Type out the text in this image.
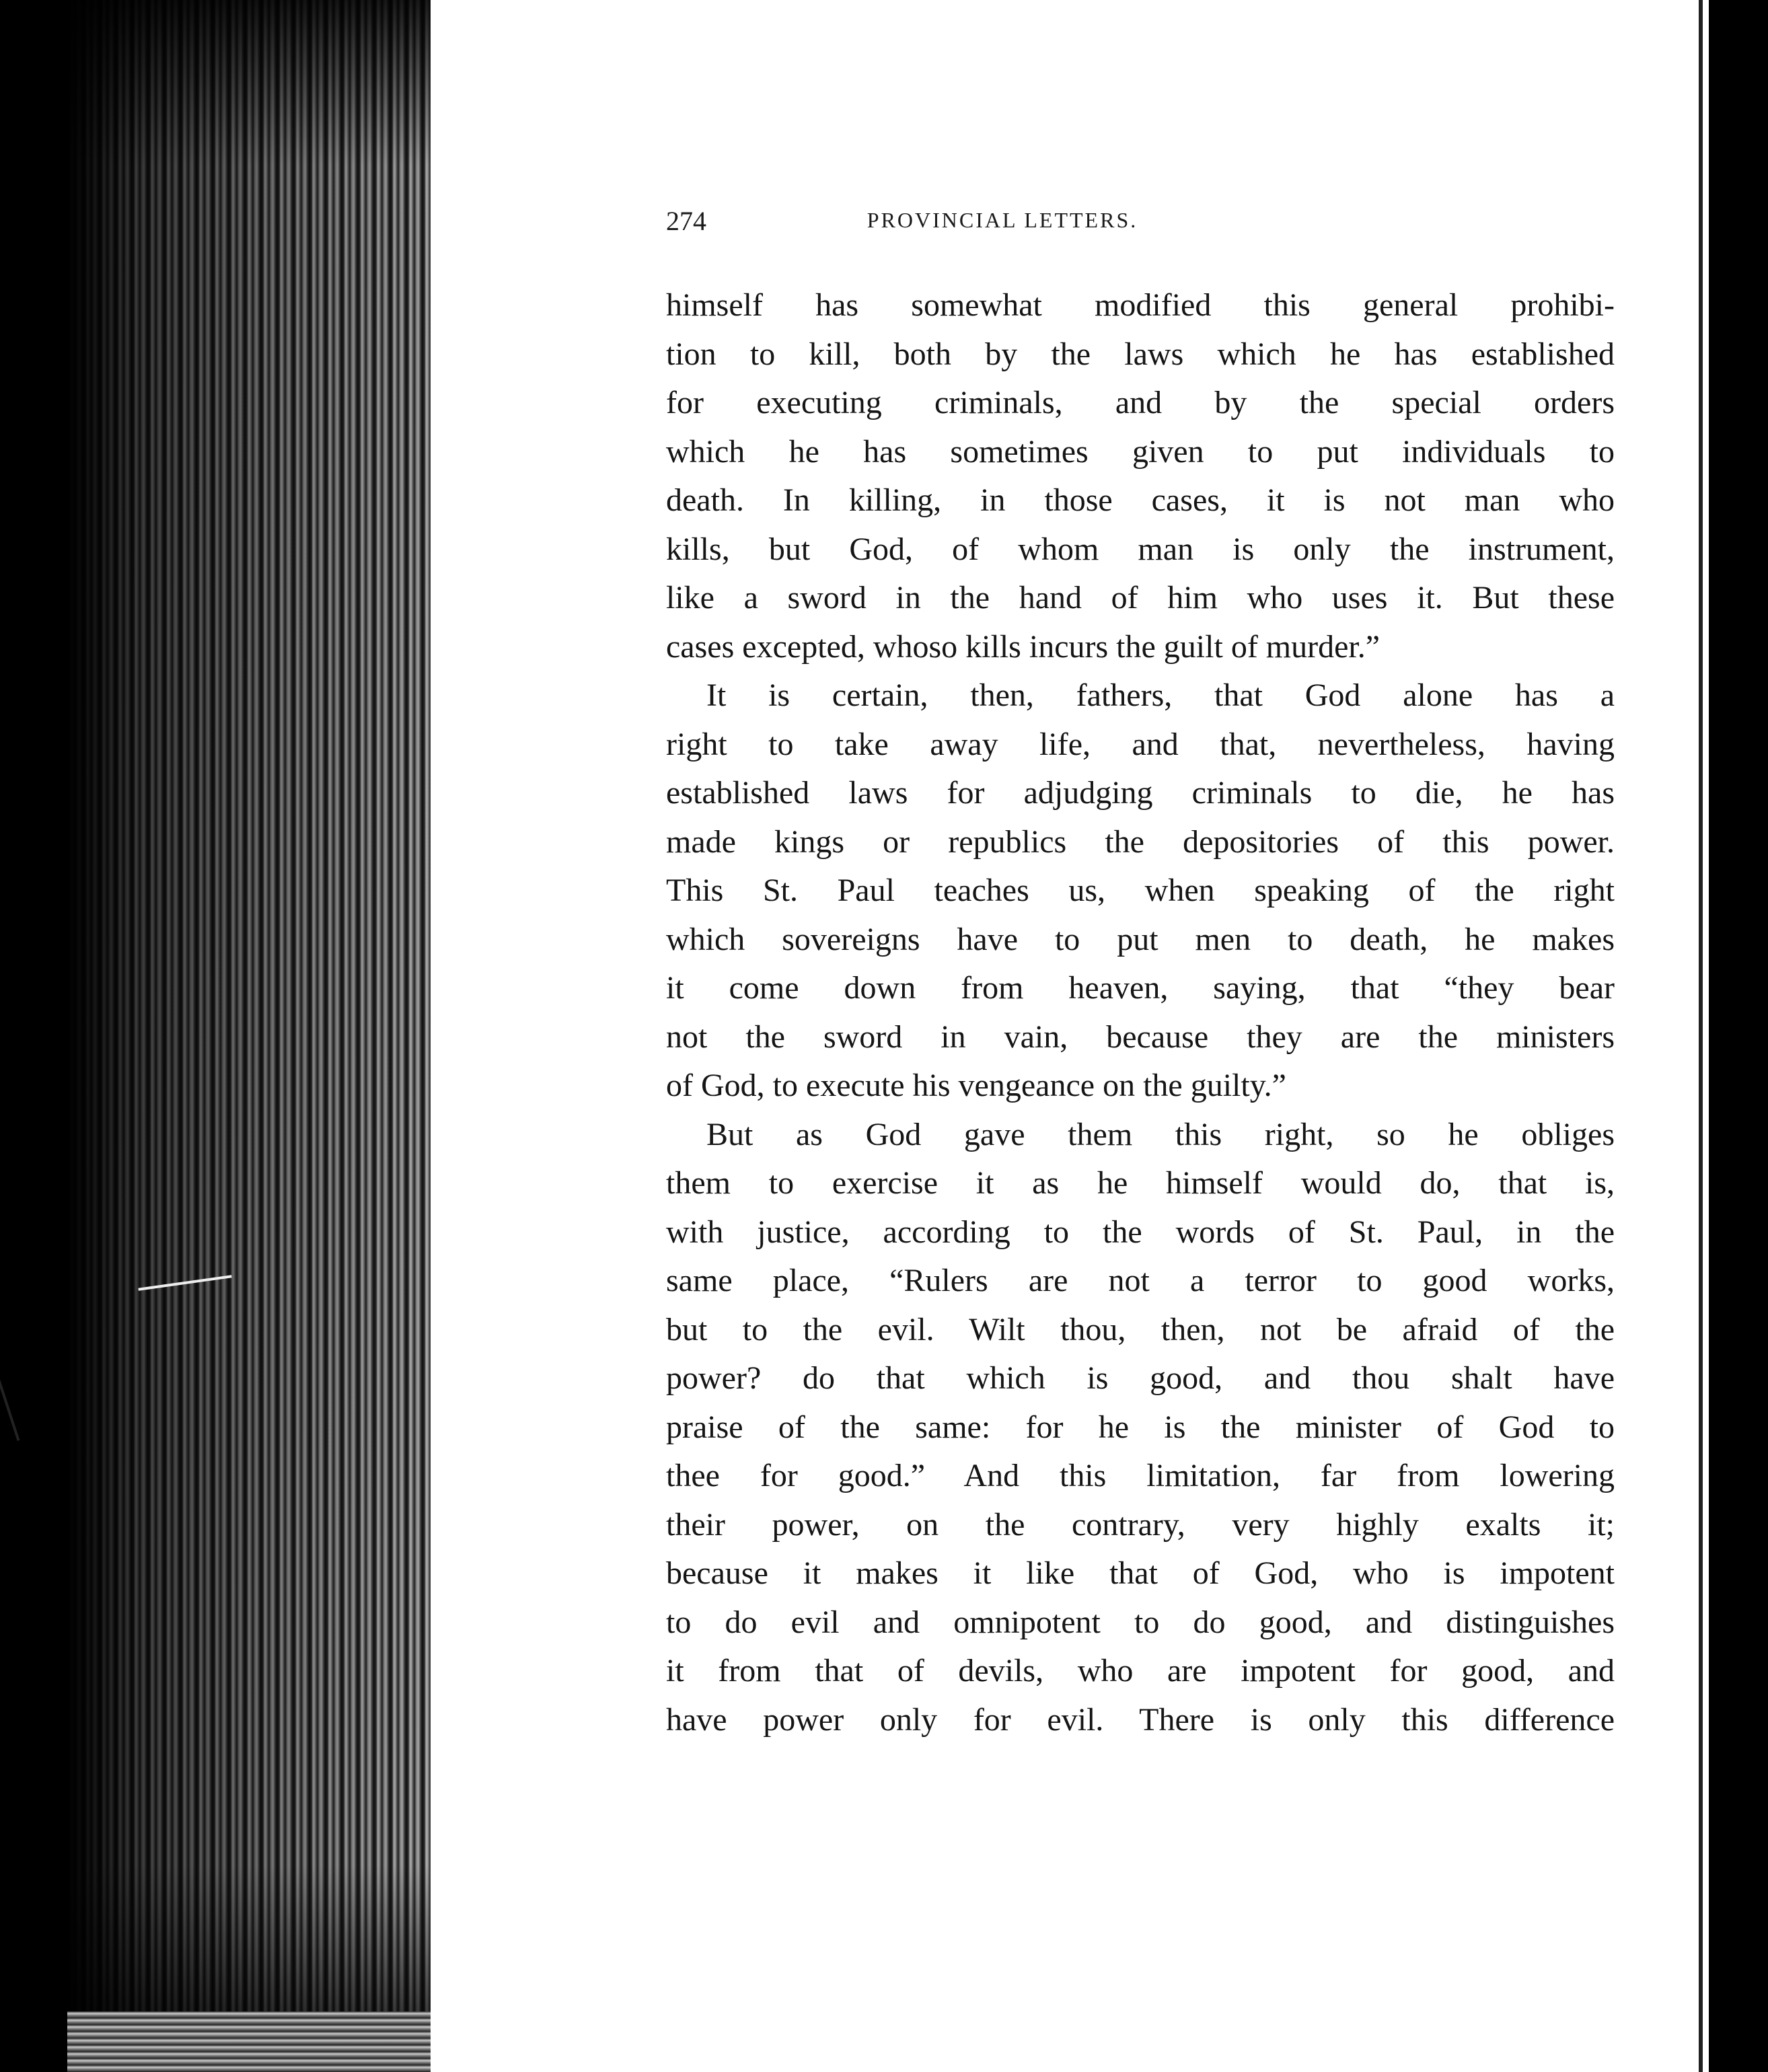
274	PROVINCIAL LETTERS.
himself has somewhat modified this general prohibi-
tion to kill, both by the laws which he has established
for executing criminals, and by the special orders
which he has sometimes given to put individuals to
death. In killing, in those cases, it is not man who
kills, but God, of whom man is only the instrument,
like a sword in the hand of him who uses it. But these
cases excepted, whoso kills incurs the guilt of murder.”
It is certain, then, fathers, that God alone has a
right to take away life, and that, nevertheless, having
established laws for adjudging criminals to die, he has
made kings or republics the depositories of this power.
This St. Paul teaches us, when speaking of the right
which sovereigns have to put men to death, he makes
it come down from heaven, saying, that “they bear
not the sword in vain, because they are the ministers
of God, to execute his vengeance on the guilty.”
But as God gave them this right, so he obliges
them to exercise it as he himself would do, that is,
with justice, according to the words of St. Paul, in the
same place, “Rulers are not a terror to good works,
but to the evil. Wilt thou, then, not be afraid of the
power? do that which is good, and thou shalt have
praise of the same: for he is the minister of God to
thee for good.” And this limitation, far from lowering
their power, on the contrary, very highly exalts it;
because it makes it like that of God, who is impotent
to do evil and omnipotent to do good, and distinguishes
it from that of devils, who are impotent for good, and
have power only for evil. There is only this difference
